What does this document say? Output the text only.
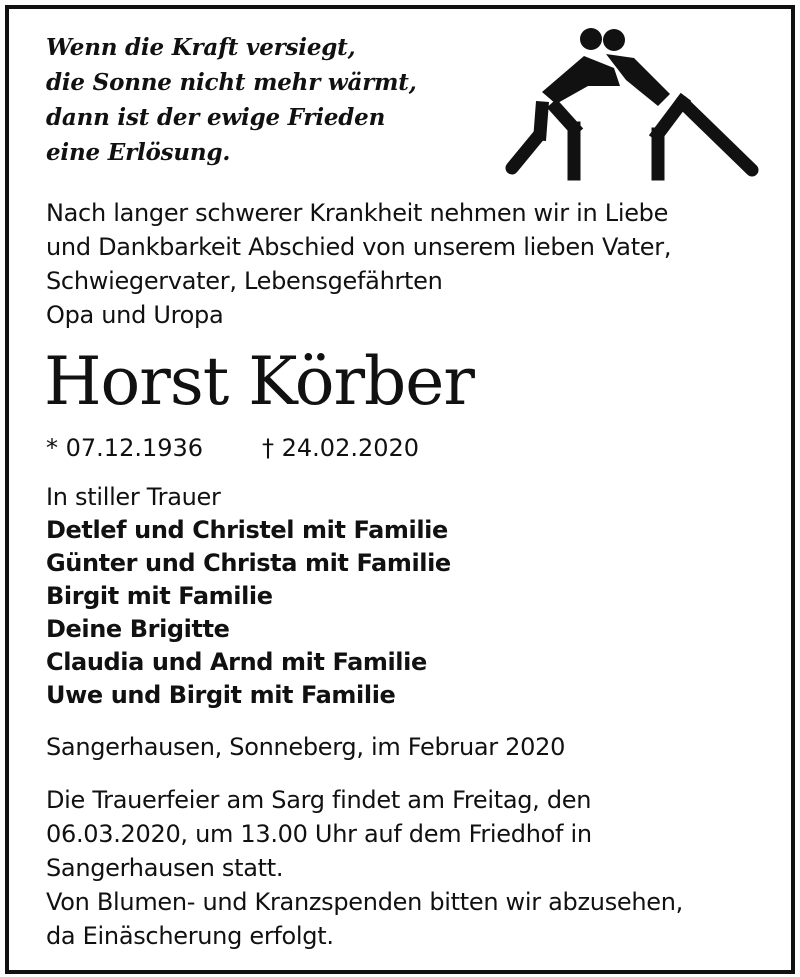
Wenn die Kraft versiegt,
die Sonne nicht mehr wärmt,
dann ist der ewige Frieden
eine Erlösung.
Nach langer schwerer Krankheit nehmen wir in Liebe
und Dankbarkeit Abschied von unserem lieben Vater,
Schwiegervater, Lebensgefährten
Opa und Uropa
Horst Körber
* 07.12.1936 † 24.02.2020
In stiller Trauer
Detlef und Christel mit Familie
Günter und Christa mit Familie
Birgit mit Familie
Deine Brigitte
Claudia und Arnd mit Familie
Uwe und Birgit mit Familie
Sangerhausen, Sonneberg, im Februar 2020
Die Trauerfeier am Sarg findet am Freitag, den
06.03.2020, um 13.00 Uhr auf dem Friedhof in
Sangerhausen statt.
Von Blumen- und Kranzspenden bitten wir abzusehen,
da Einäscherung erfolgt.
